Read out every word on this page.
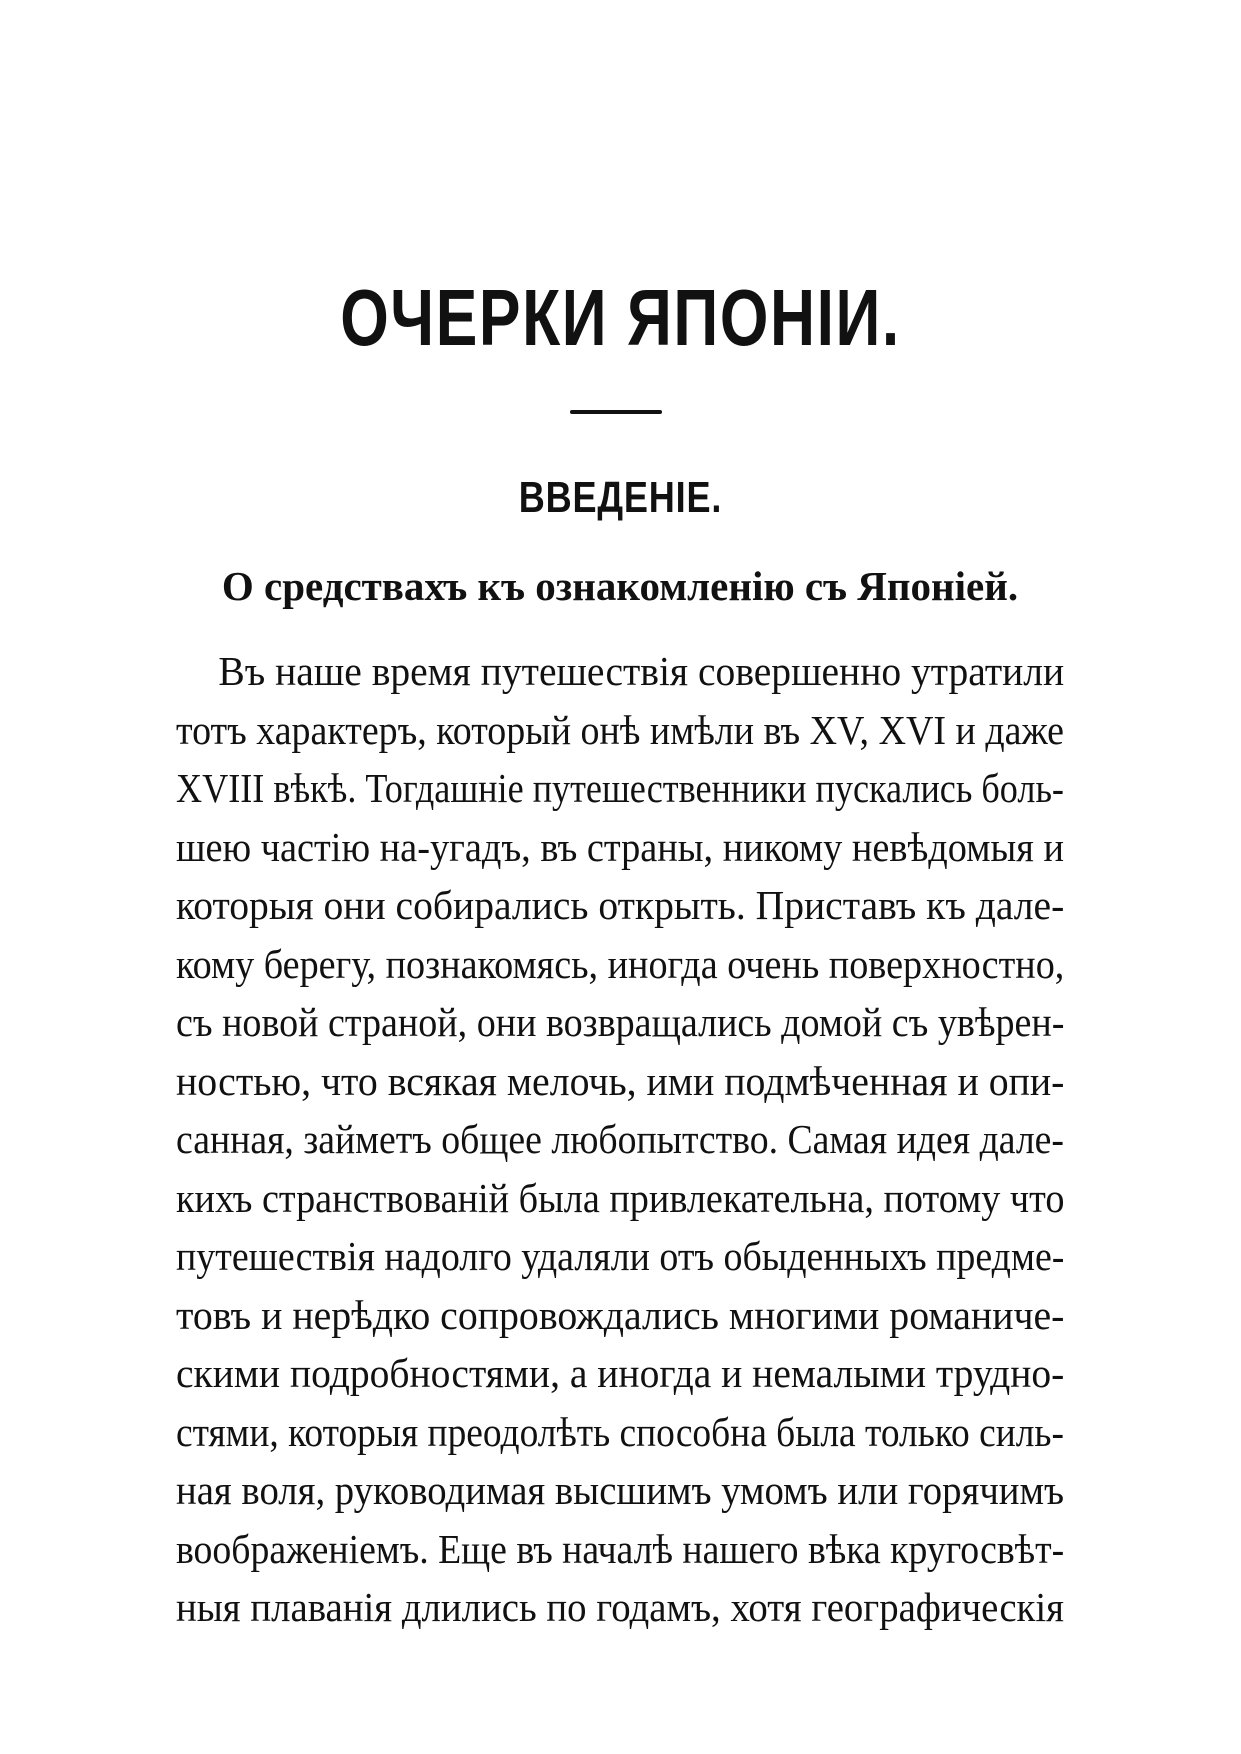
ОЧЕРКИ ЯПОНІИ.
ВВЕДЕНІЕ.
О средствахъ къ ознакомленію съ Японіей.
Въ наше время путешествія совершенно утратили
тотъ характеръ, который онѣ имѣли въ XV, XVI и даже
XVIII вѣкѣ. Тогдашніе путешественники пускались боль-
шею частію на-угадъ, въ страны, никому невѣдомыя и
которыя они собирались открыть. Приставъ къ дале-
кому берегу, познакомясь, иногда очень поверхностно,
съ новой страной, они возвращались домой съ увѣрен-
ностью, что всякая мелочь, ими подмѣченная и опи-
санная, займетъ общее любопытство. Самая идея дале-
кихъ странствованій была привлекательна, потому что
путешествія надолго удаляли отъ обыденныхъ предме-
товъ и нерѣдко сопровождались многими романиче-
скими подробностями, а иногда и немалыми трудно-
стями, которыя преодолѣть способна была только силь-
ная воля, руководимая высшимъ умомъ или горячимъ
воображеніемъ. Еще въ началѣ нашего вѣка кругосвѣт-
ныя плаванія длились по годамъ, хотя географическія
